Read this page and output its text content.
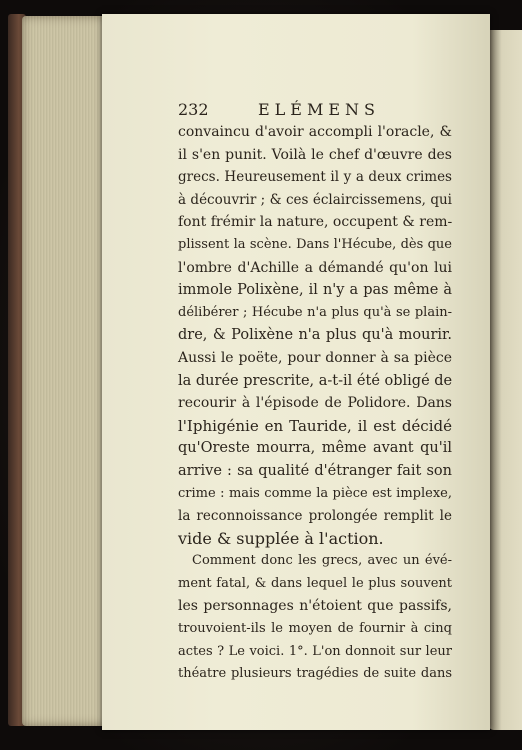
232	ELÉMENS
convaincu d'avoir accompli l'oracle, &
il s'en punit. Voilà le chef d'œuvre des
grecs. Heureusement il y a deux crimes
à découvrir ; & ces éclaircissemens, qui
font frémir la nature, occupent & rem-
plissent la scène. Dans l'Hécube, dès que
l'ombre d'Achille a démandé qu'on lui
immole Polixène, il n'y a pas même à
délibérer ; Hécube n'a plus qu'à se plain-
dre, & Polixène n'a plus qu'à mourir.
Aussi le poëte, pour donner à sa pièce
la durée prescrite, a-t-il été obligé de
recourir à l'épisode de Polidore. Dans
l'Iphigénie en Tauride, il est décidé
qu'Oreste mourra, même avant qu'il
arrive : sa qualité d'étranger fait son
crime : mais comme la pièce est implexe,
la reconnoissance prolongée remplit le
vide & supplée à l'action.
Comment donc les grecs, avec un évé-
ment fatal, & dans lequel le plus souvent
les personnages n'étoient que passifs,
trouvoient-ils le moyen de fournir à cinq
actes ? Le voici. 1°. L'on donnoit sur leur
théatre plusieurs tragédies de suite dans
